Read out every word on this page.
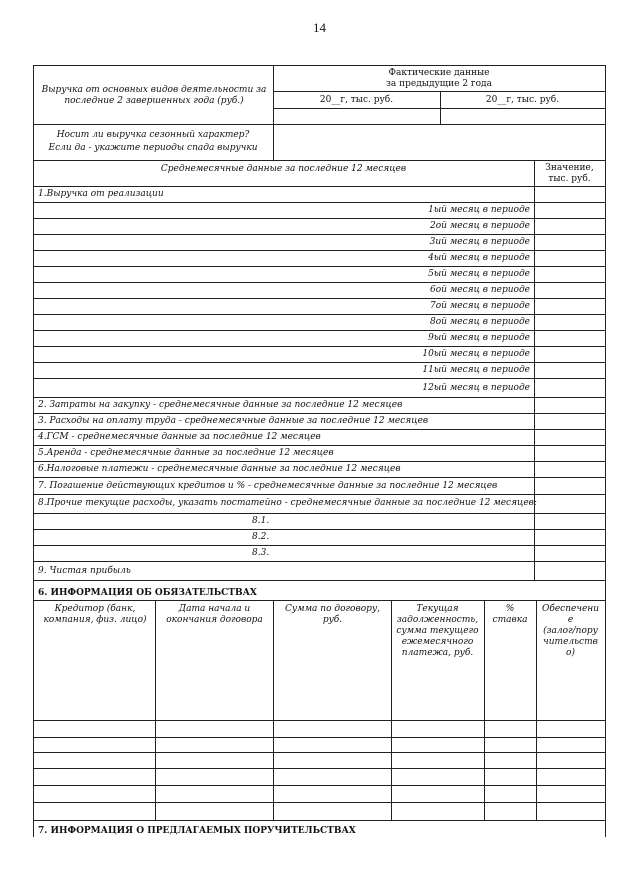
14
Выручка от основных видов деятельности за последние 2 завершенных года (руб.)
Фактические данные
за предыдущие 2 года
20__г, тыс. руб.	20__г, тыс. руб.
Носит ли выручка сезонный характер?
Если да - укажите периоды спада выручки
Среднемесячные данные за последние 12 месяцев	Значение,
тыс. руб.
1.Выручка от реализации
1ый месяц в периоде
2ой месяц в периоде
3ий месяц в периоде
4ый месяц в периоде
5ый месяц в периоде
6ой месяц в периоде
7ой месяц в периоде
8ой месяц в периоде
9ый месяц в периоде
10ый месяц в периоде
11ый месяц в периоде
12ый месяц в периоде
2. Затраты на закупку - среднемесячные данные за последние 12 месяцев
3. Расходы на оплату труда - среднемесячные данные за последние 12 месяцев
4.ГСМ - среднемесячные данные за последние 12 месяцев
5.Аренда - среднемесячные данные за последние 12 месяцев
6.Налоговые платежи - среднемесячные данные за последние 12 месяцев
7. Погашение действующих кредитов и % - среднемесячные данные за последние 12 месяцев
8.Прочие текущие расходы, указать постатейно - среднемесячные данные за последние 12 месяцев:
8.1.
8.2.
8.3.
9. Чистая прибыль
6. ИНФОРМАЦИЯ ОБ ОБЯЗАТЕЛЬСТВАХ
Кредитор (банк, компания, физ. лицо)
Дата начала и окончания договора
Сумма по договору, руб.
Текущая
задолженность,
сумма текущего
ежемесячного
платежа, руб.
%
ставка
Обеспечени
е
(залог/пору
чительств
о)
7. ИНФОРМАЦИЯ О ПРЕДЛАГАЕМЫХ ПОРУЧИТЕЛЬСТВАХ
